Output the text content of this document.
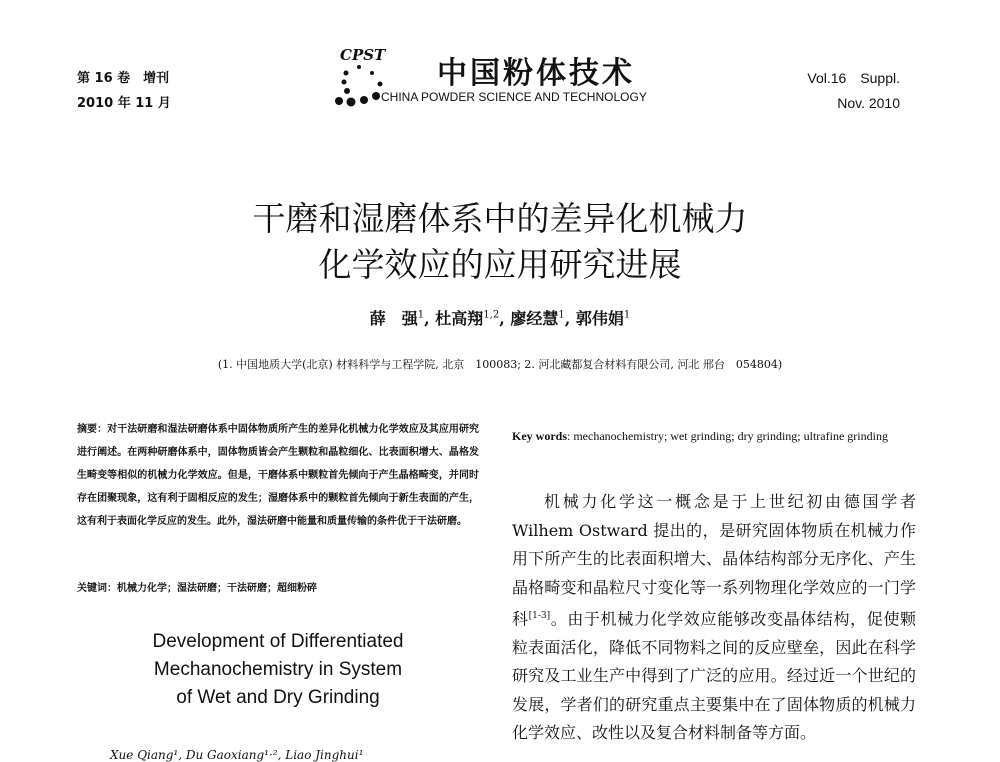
第 16 卷　增刊
2010 年 11 月
CPST
中国粉体技术
CHINA POWDER SCIENCE AND TECHNOLOGY
Vol.16　Suppl.
Nov. 2010
干磨和湿磨体系中的差异化机械力
化学效应的应用研究进展
薛　强$^1$, 杜高翔$^{1,2}$, 廖经慧$^1$, 郭伟娟$^1$
(1. 中国地质大学(北京) 材料科学与工程学院, 北京　100083; 2. 河北藏都复合材料有限公司, 河北 邢台　054804)
摘要：对干法研磨和湿法研磨体系中固体物质所产生的差异化机械力化学效应及其应用研究进行阐述。在两种研磨体系中，固体物质皆会产生颗粒和晶粒细化、比表面积增大、晶格发生畸变等相似的机械力化学效应。但是，干磨体系中颗粒首先倾向于产生晶格畸变，并同时存在团聚现象，这有利于固相反应的发生；湿磨体系中的颗粒首先倾向于新生表面的产生，这有利于表面化学反应的发生。此外，湿法研磨中能量和质量传输的条件优于干法研磨。
关键词：机械力化学；湿法研磨；干法研磨；超细粉碎
Development of Differentiated
Mechanochemistry in System
of Wet and Dry Grinding
Xue Qiang¹, Du Gaoxiang¹·², Liao Jinghui¹
Key words: mechanochemistry; wet grinding; dry grinding; ultrafine grinding
机械力化学这一概念是于上世纪初由德国学者 Wilhem Ostward 提出的，是研究固体物质在机械力作用下所产生的比表面积增大、晶体结构部分无序化、产生晶格畸变和晶粒尺寸变化等一系列物理化学效应的一门学科[1-3]。由于机械力化学效应能够改变晶体结构，促使颗粒表面活化，降低不同物料之间的反应壁垒，因此在科学研究及工业生产中得到了广泛的应用。经过近一个世纪的发展，学者们的研究重点主要集中在了固体物质的机械力化学效应、改性以及复合材料制备等方面。
